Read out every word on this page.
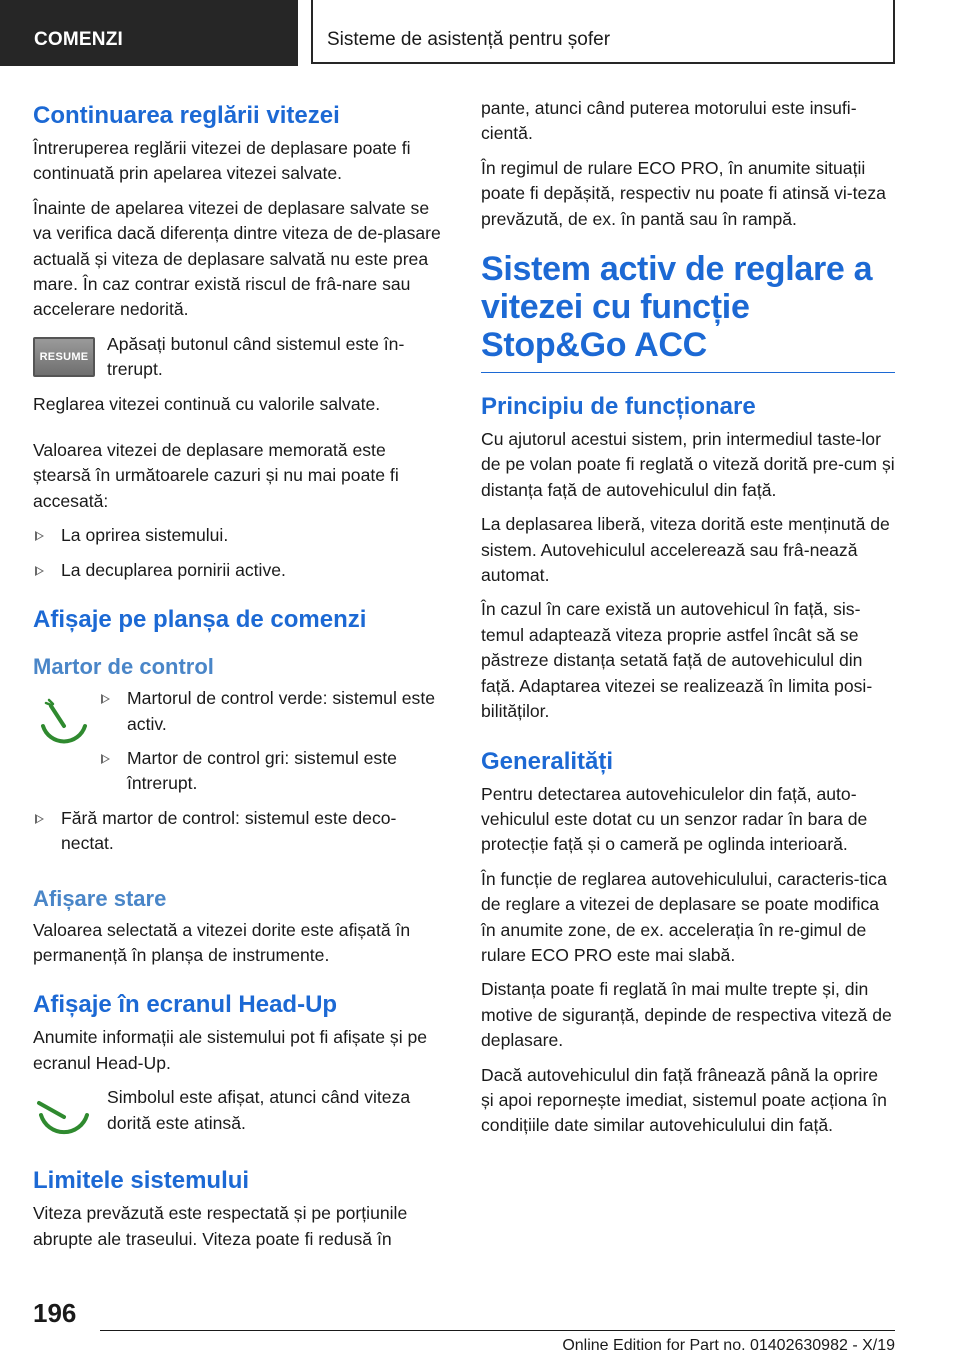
COMENZI	Sisteme de asistență pentru șofer
Continuarea reglării vitezei

Întreruperea reglării vitezei de deplasare poate fi continuată prin apelarea vitezei salvate.

Înainte de apelarea vitezei de deplasare salvate se va verifica dacă diferența dintre viteza de de-plasare actuală și viteza de deplasare salvată nu este prea mare. În caz contrar există riscul de frâ-nare sau accelerare nedorită.

RESUME

Apăsați butonul când sistemul este în-trerupt.

Reglarea vitezei continuă cu valorile salvate.

Valoarea vitezei de deplasare memorată este ștearsă în următoarele cazuri și nu mai poate fi accesată:

La oprirea sistemului.
La decuplarea pornirii active.
Afișaje pe planșa de comenzi
Martor de control
Martorul de control verde: sistemul este activ.
Martor de control gri: sistemul este întrerupt.
Fără martor de control: sistemul este deco-nectat.
Afișare stare

Valoarea selectată a vitezei dorite este afișată în permanență în planșa de instrumente.

Afișaje în ecranul Head-Up

Anumite informații ale sistemului pot fi afișate și pe ecranul Head-Up.

Simbolul este afișat, atunci când viteza dorită este atinsă.

Limitele sistemului

Viteza prevăzută este respectată și pe porțiunile abrupte ale traseului. Viteza poate fi redusă în

pante, atunci când puterea motorului este insufi-cientă.

În regimul de rulare ECO PRO, în anumite situații poate fi depășită, respectiv nu poate fi atinsă vi-teza prevăzută, de ex. în pantă sau în rampă.

Sistem activ de reglare a vitezei cu funcție Stop&Go ACC
Principiu de funcționare

Cu ajutorul acestui sistem, prin intermediul taste-lor de pe volan poate fi reglată o viteză dorită pre-cum și distanța față de autovehiculul din față.

La deplasarea liberă, viteza dorită este menținută de sistem. Autovehiculul accelerează sau frâ-nează automat.

În cazul în care există un autovehicul în față, sis-temul adaptează viteza proprie astfel încât să se păstreze distanța setată față de autovehiculul din față. Adaptarea vitezei se realizează în limita posi-bilităților.

Generalități

Pentru detectarea autovehiculelor din față, auto-vehiculul este dotat cu un senzor radar în bara de protecție față și o cameră pe oglinda interioară.

În funcție de reglarea autovehiculului, caracteris-tica de reglare a vitezei de deplasare se poate modifica în anumite zone, de ex. accelerația în re-gimul de rulare ECO PRO este mai slabă.

Distanța poate fi reglată în mai multe trepte și, din motive de siguranță, depinde de respectiva viteză de deplasare.

Dacă autovehiculul din față frânează până la oprire și apoi repornește imediat, sistemul poate acționa în condițiile date similar autovehiculului din față.

196
Online Edition for Part no. 01402630982 - X/19
